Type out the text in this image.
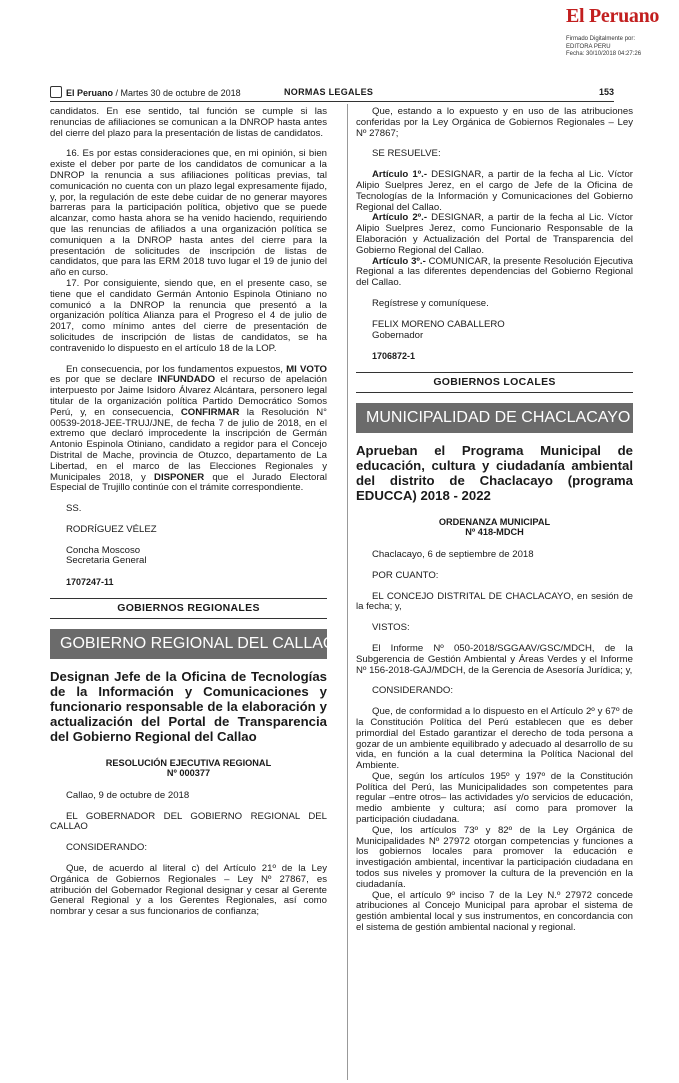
El Peruano
Firmado Digitalmente por:
EDITORA PERU
Fecha: 30/10/2018 04:27:26
El Peruano / Martes 30 de octubre de 2018	NORMAS LEGALES	153

candidatos. En ese sentido, tal función se cumple si las renuncias de afiliaciones se comunican a la DNROP hasta antes del cierre del plazo para la presentación de listas de candidatos.

16. Es por estas consideraciones que, en mi opinión, si bien existe el deber por parte de los candidatos de comunicar a la DNROP la renuncia a sus afiliaciones políticas previas, tal comunicación no cuenta con un plazo legal expresamente fijado, y, por, la regulación de este debe cuidar de no generar mayores barreras para la participación política, objetivo que se puede alcanzar, como hasta ahora se ha venido haciendo, requiriendo que las renuncias de afiliados a una organización política se comuniquen a la DNROP hasta antes del cierre para la presentación de solicitudes de inscripción de listas de candidatos, que para las ERM 2018 tuvo lugar el 19 de junio del año en curso.

17. Por consiguiente, siendo que, en el presente caso, se tiene que el candidato Germán Antonio Espinola Otiniano no comunicó a la DNROP la renuncia que presentó a la organización política Alianza para el Progreso el 4 de julio de 2017, como mínimo antes del cierre de presentación de solicitudes de inscripción de listas de candidatos, se ha contravenido lo dispuesto en el artículo 18 de la LOP.

En consecuencia, por los fundamentos expuestos, MI VOTO es por que se declare INFUNDADO el recurso de apelación interpuesto por Jaime Isidoro Álvarez Alcántara, personero legal titular de la organización política Partido Democrático Somos Perú, y, en consecuencia, CONFIRMAR la Resolución N° 00539-2018-JEE-TRUJ/JNE, de fecha 7 de julio de 2018, en el extremo que declaró improcedente la inscripción de Germán Antonio Espinola Otiniano, candidato a regidor para el Concejo Distrital de Mache, provincia de Otuzco, departamento de La Libertad, en el marco de las Elecciones Regionales y Municipales 2018, y DISPONER que el Jurado Electoral Especial de Trujillo continúe con el trámite correspondiente.

SS.

RODRÍGUEZ VÉLEZ

Concha Moscoso

Secretaria General

1707247-11

GOBIERNOS REGIONALES
GOBIERNO REGIONAL DEL CALLAO
Designan Jefe de la Oficina de Tecnologías de la Información y Comunicaciones y funcionario responsable de la elaboración y actualización del Portal de Transparencia del Gobierno Regional del Callao
RESOLUCIÓN EJECUTIVA REGIONAL
Nº 000377

Callao, 9 de octubre de 2018

EL GOBERNADOR DEL GOBIERNO REGIONAL DEL CALLAO

CONSIDERANDO:

Que, de acuerdo al literal c) del Artículo 21º de la Ley Orgánica de Gobiernos Regionales – Ley Nº 27867, es atribución del Gobernador Regional designar y cesar al Gerente General Regional y a los Gerentes Regionales, así como nombrar y cesar a sus funcionarios de confianza;

Que, estando a lo expuesto y en uso de las atribuciones conferidas por la Ley Orgánica de Gobiernos Regionales – Ley Nº 27867;

SE RESUELVE:

Artículo 1º.- DESIGNAR, a partir de la fecha al Lic. Víctor Alipio Suelpres Jerez, en el cargo de Jefe de la Oficina de Tecnologías de la Información y Comunicaciones del Gobierno Regional del Callao.

Artículo 2º.- DESIGNAR, a partir de la fecha al Lic. Víctor Alipio Suelpres Jerez, como Funcionario Responsable de la Elaboración y Actualización del Portal de Transparencia del Gobierno Regional del Callao.

Artículo 3º.- COMUNICAR, la presente Resolución Ejecutiva Regional a las diferentes dependencias del Gobierno Regional del Callao.

Regístrese y comuníquese.

FELIX MORENO CABALLERO

Gobernador

1706872-1

GOBIERNOS LOCALES
MUNICIPALIDAD DE CHACLACAYO
Aprueban el Programa Municipal de educación, cultura y ciudadanía ambiental del distrito de Chaclacayo (programa EDUCCA) 2018 - 2022
ORDENANZA MUNICIPAL
Nº 418-MDCH

Chaclacayo, 6 de septiembre de 2018

POR CUANTO:

EL CONCEJO DISTRITAL DE CHACLACAYO, en sesión de la fecha; y,

VISTOS:

El Informe Nº 050-2018/SGGAAV/GSC/MDCH, de la Subgerencia de Gestión Ambiental y Áreas Verdes y el Informe Nº 156-2018-GAJ/MDCH, de la Gerencia de Asesoría Jurídica; y,

CONSIDERANDO:

Que, de conformidad a lo dispuesto en el Artículo 2º y 67º de la Constitución Política del Perú establecen que es deber primordial del Estado garantizar el derecho de toda persona a gozar de un ambiente equilibrado y adecuado al desarrollo de su vida, en función a la cual determina la Política Nacional del Ambiente.

Que, según los artículos 195º y 197º de la Constitución Política del Perú, las Municipalidades son competentes para regular –entre otros– las actividades y/o servicios de educación, medio ambiente y cultura; así como para promover la participación ciudadana.

Que, los artículos 73º y 82º de la Ley Orgánica de Municipalidades Nº 27972 otorgan competencias y funciones a los gobiernos locales para promover la educación e investigación ambiental, incentivar la participación ciudadana en todos sus niveles y promover la cultura de la prevención en la ciudadanía.

Que, el artículo 9º inciso 7 de la Ley N.º 27972 concede atribuciones al Concejo Municipal para aprobar el sistema de gestión ambiental local y sus instrumentos, en concordancia con el sistema de gestión ambiental nacional y regional.
